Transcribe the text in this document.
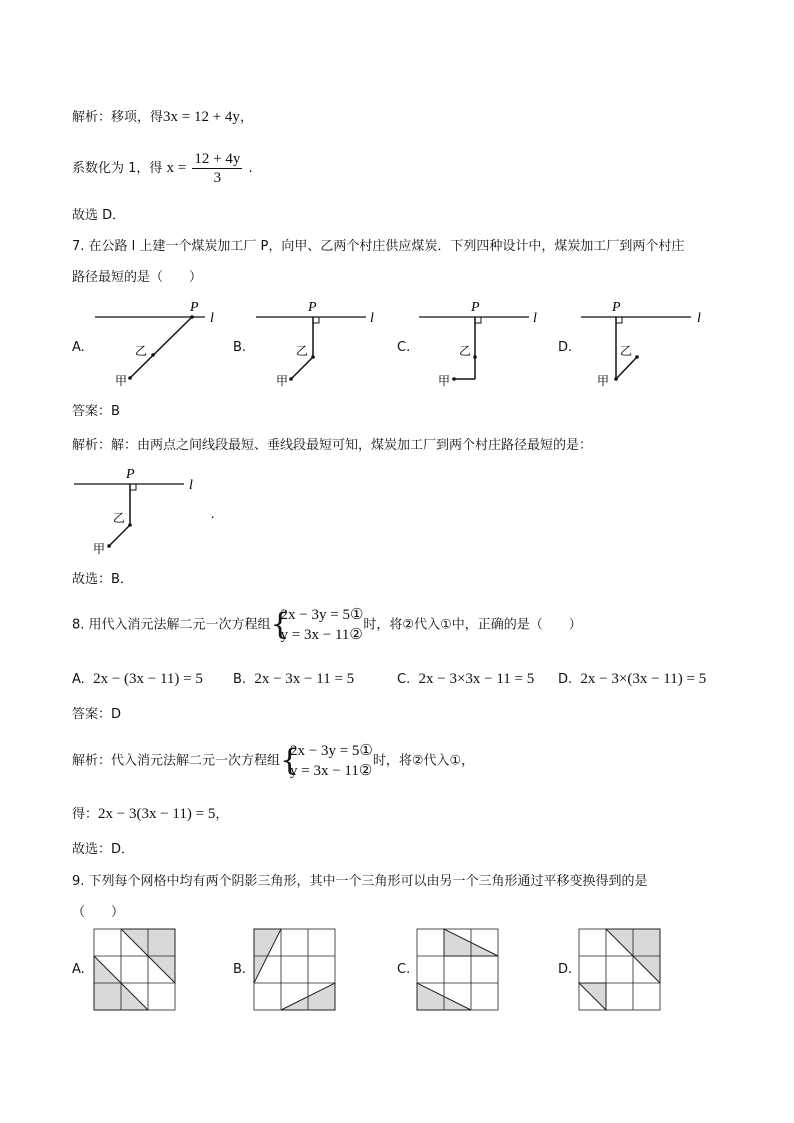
解析：移项，得3x = 12 + 4y，
系数化为 1，得 $x = \frac{12 + 4y}{3}$ .
故选 D．
7. 在公路 l 上建一个煤炭加工厂 P，向甲、乙两个村庄供应煤炭．下列四种设计中，煤炭加工厂到两个村庄
路径最短的是（　　）
A.	B.	C.	D.
P
l
乙
甲
P
l
乙
甲
P
l
乙
甲
P
l
乙
甲
答案：B
解析：解：由两点之间线段最短、垂线段最短可知，煤炭加工厂到两个村庄路径最短的是：
P
l
乙
甲
.
故选：B．
8. 用代入消元法解二元一次方程组 {
2x − 3y = 5①
y = 3x − 11②
时，将②代入①中，正确的是（　　）
A. 2x − (3x − 11) = 5 B. 2x − 3x − 11 = 5	C. 2x − 3×3x − 11 = 5 D. 2x − 3×(3x − 11) = 5
答案：D
解析：代入消元法解二元一次方程组 {
2x − 3y = 5①
y = 3x − 11②
时，将②代入①，
得：2x − 3(3x − 11) = 5，
故选：D．
9. 下列每个网格中均有两个阴影三角形，其中一个三角形可以由另一个三角形通过平移变换得到的是
（　　）
A.	B.	C.	D.
